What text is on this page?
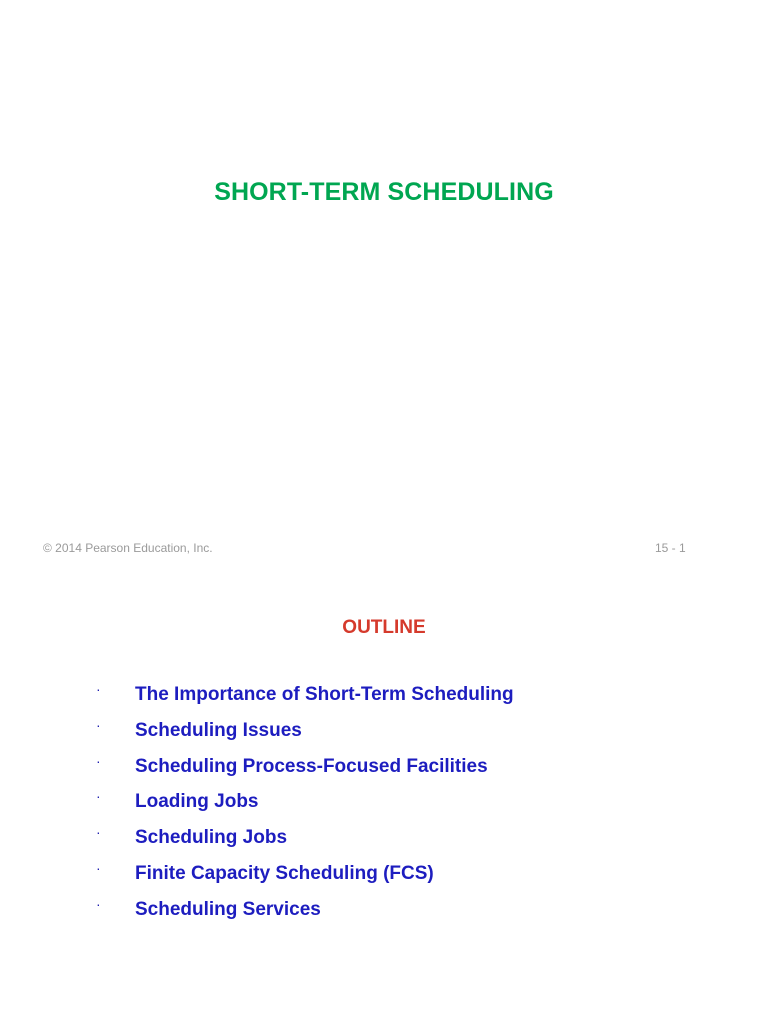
SHORT-TERM SCHEDULING
© 2014 Pearson Education, Inc.	15 - 1
OUTLINE
· The Importance of Short-Term Scheduling
· Scheduling Issues
· Scheduling Process-Focused Facilities
· Loading Jobs
· Scheduling Jobs
· Finite Capacity Scheduling (FCS)
· Scheduling Services
